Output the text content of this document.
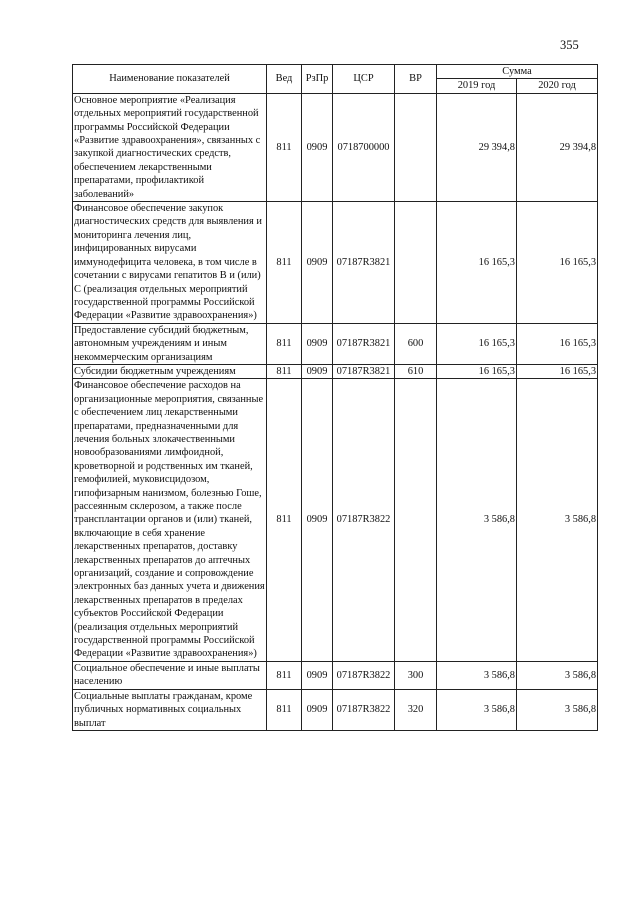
355
Наименование показателей	Вед	РзПр	ЦСР	ВР	Сумма	
					2019 год	2020 год
Основное мероприятие «Реализация отдельных мероприятий государственной программы Российской Федерации «Развитие здравоохранения», связанных с закупкой диагностических средств, обеспечением лекарственными препаратами, профилактикой заболеваний»	811	0909	0718700000		29 394,8	29 394,8
Финансовое обеспечение закупок диагностических средств для выявления и мониторинга лечения лиц, инфицированных вирусами иммунодефицита человека, в том числе в сочетании с вирусами гепатитов В и (или) С (реализация отдельных мероприятий государственной программы Российской Федерации «Развитие здравоохранения»)	811	0909	07187R3821		16 165,3	16 165,3
Предоставление субсидий бюджетным, автономным учреждениям и иным некоммерческим организациям	811	0909	07187R3821	600	16 165,3	16 165,3
Субсидии бюджетным учреждениям	811	0909	07187R3821	610	16 165,3	16 165,3
Финансовое обеспечение расходов на организационные мероприятия, связанные с обеспечением лиц лекарственными препаратами, предназначенными для лечения больных злокачественными новообразованиями лимфоидной, кроветворной и родственных им тканей, гемофилией, муковисцидозом, гипофизарным нанизмом, болезнью Гоше, рассеянным склерозом, а также после трансплантации органов и (или) тканей, включающие в себя хранение лекарственных препаратов, доставку лекарственных препаратов до аптечных организаций, создание и сопровождение электронных баз данных учета и движения лекарственных препаратов в пределах субъектов Российской Федерации (реализация отдельных мероприятий государственной программы Российской Федерации «Развитие здравоохранения»)	811	0909	07187R3822		3 586,8	3 586,8
Социальное обеспечение и иные выплаты населению	811	0909	07187R3822	300	3 586,8	3 586,8
Социальные выплаты гражданам, кроме публичных нормативных социальных выплат	811	0909	07187R3822	320	3 586,8	3 586,8
